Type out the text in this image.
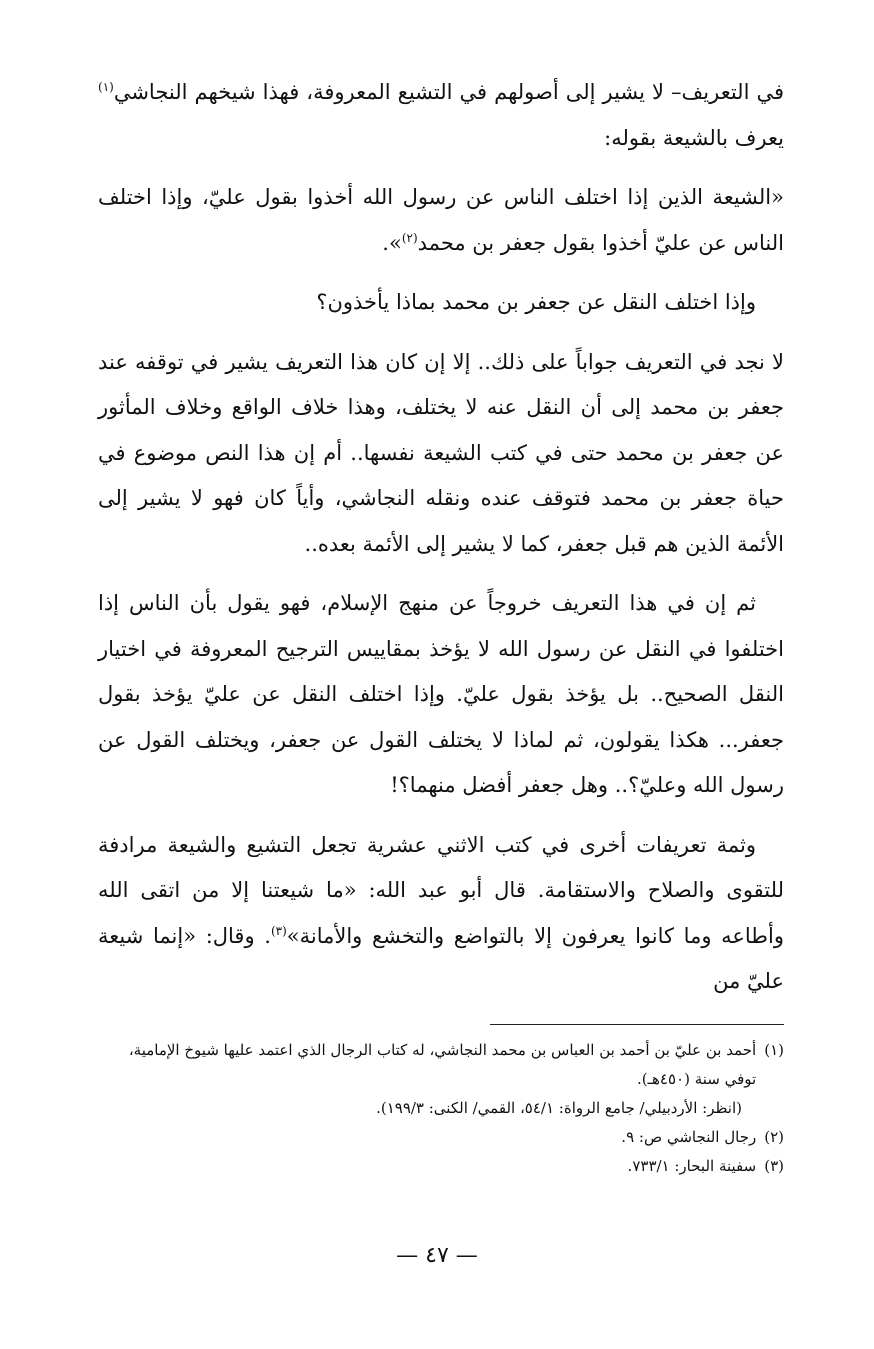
في التعريف– لا يشير إلى أصولهم في التشيع المعروفة، فهذا شيخهم النجاشي$^{(١)}$ يعرف بالشيعة بقوله:

«الشيعة الذين إذا اختلف الناس عن رسول الله أخذوا بقول عليّ، وإذا اختلف الناس عن عليّ أخذوا بقول جعفر بن محمد$^{(٢)}$».

وإذا اختلف النقل عن جعفر بن محمد بماذا يأخذون؟

لا نجد في التعريف جواباً على ذلك.. إلا إن كان هذا التعريف يشير في توقفه عند جعفر بن محمد إلى أن النقل عنه لا يختلف، وهذا خلاف الواقع وخلاف المأثور عن جعفر بن محمد حتى في كتب الشيعة نفسها.. أم إن هذا النص موضوع في حياة جعفر بن محمد فتوقف عنده ونقله النجاشي، وأياً كان فهو لا يشير إلى الأئمة الذين هم قبل جعفر، كما لا يشير إلى الأئمة بعده..

ثم إن في هذا التعريف خروجاً عن منهج الإسلام، فهو يقول بأن الناس إذا اختلفوا في النقل عن رسول الله لا يؤخذ بمقاييس الترجيح المعروفة في اختيار النقل الصحيح.. بل يؤخذ بقول عليّ. وإذا اختلف النقل عن عليّ يؤخذ بقول جعفر... هكذا يقولون، ثم لماذا لا يختلف القول عن جعفر، ويختلف القول عن رسول الله وعليّ؟.. وهل جعفر أفضل منهما؟!

وثمة تعريفات أخرى في كتب الاثني عشرية تجعل التشيع والشيعة مرادفة للتقوى والصلاح والاستقامة. قال أبو عبد الله: «ما شيعتنا إلا من اتقى الله وأطاعه وما كانوا يعرفون إلا بالتواضع والتخشع والأمانة»$^{(٣)}$. وقال: «إنما شيعة عليّ من

(١)
أحمد بن عليّ بن أحمد بن العباس بن محمد النجاشي، له كتاب الرجال الذي اعتمد عليها شيوخ الإمامية، توفي سنة (٤٥٠هـ).
(انظر: الأردبيلي/ جامع الرواة: ٥٤/١، القمي/ الكنى: ١٩٩/٣).
(٢)
رجال النجاشي ص: ٩.
(٣)
سفينة البحار: ٧٣٣/١.
— ٤٧ —
